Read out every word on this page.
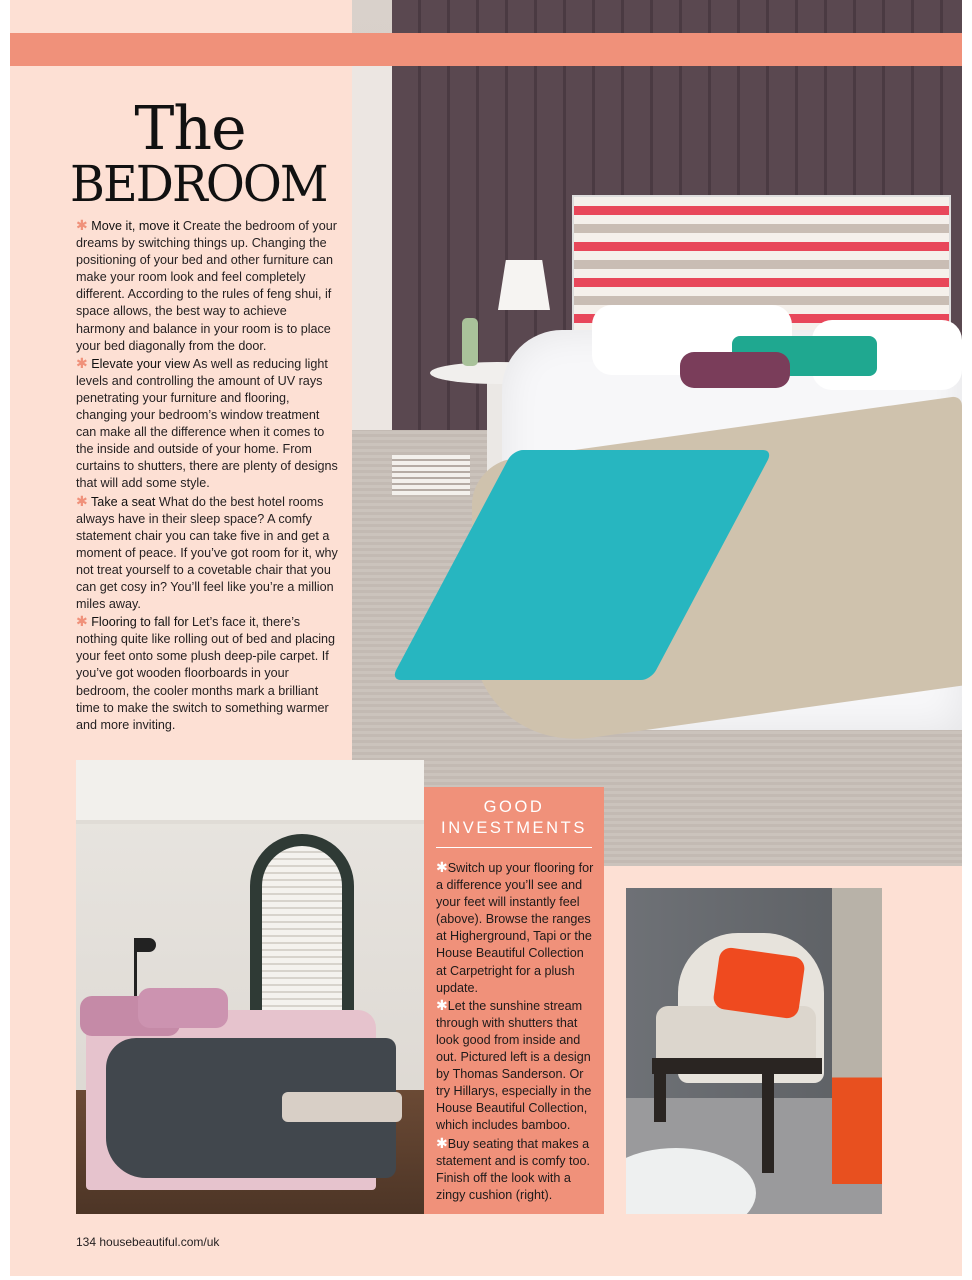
The
BEDROOM

✱ Move it, move it Create the bedroom of your dreams by switching things up. Changing the positioning of your bed and other furniture can make your room look and feel completely different. According to the rules of feng shui, if space allows, the best way to achieve harmony and balance in your room is to place your bed diagonally from the door.

✱ Elevate your view As well as reducing light levels and controlling the amount of UV rays penetrating your furniture and flooring, changing your bedroom’s window treatment can make all the difference when it comes to the inside and outside of your home. From curtains to shutters, there are plenty of designs that will add some style.

✱ Take a seat What do the best hotel rooms always have in their sleep space? A comfy statement chair you can take five in and get a moment of peace. If you’ve got room for it, why not treat yourself to a covetable chair that you can get cosy in? You’ll feel like you’re a million miles away.

✱ Flooring to fall for Let’s face it, there’s nothing quite like rolling out of bed and placing your feet onto some plush deep-pile carpet. If you’ve got wooden floorboards in your bedroom, the cooler months mark a brilliant time to make the switch to something warmer and more inviting.

GOOD
INVESTMENTS

✱Switch up your flooring for a difference you’ll see and your feet will instantly feel (above). Browse the ranges at Higherground, Tapi or the House Beautiful Collection at Carpetright for a plush update.

✱Let the sunshine stream through with shutters that look good from inside and out. Pictured left is a design by Thomas Sanderson. Or try Hillarys, especially in the House Beautiful Collection, which includes bamboo.

✱Buy seating that makes a statement and is comfy too. Finish off the look with a zingy cushion (right).

134 housebeautiful.com/uk
